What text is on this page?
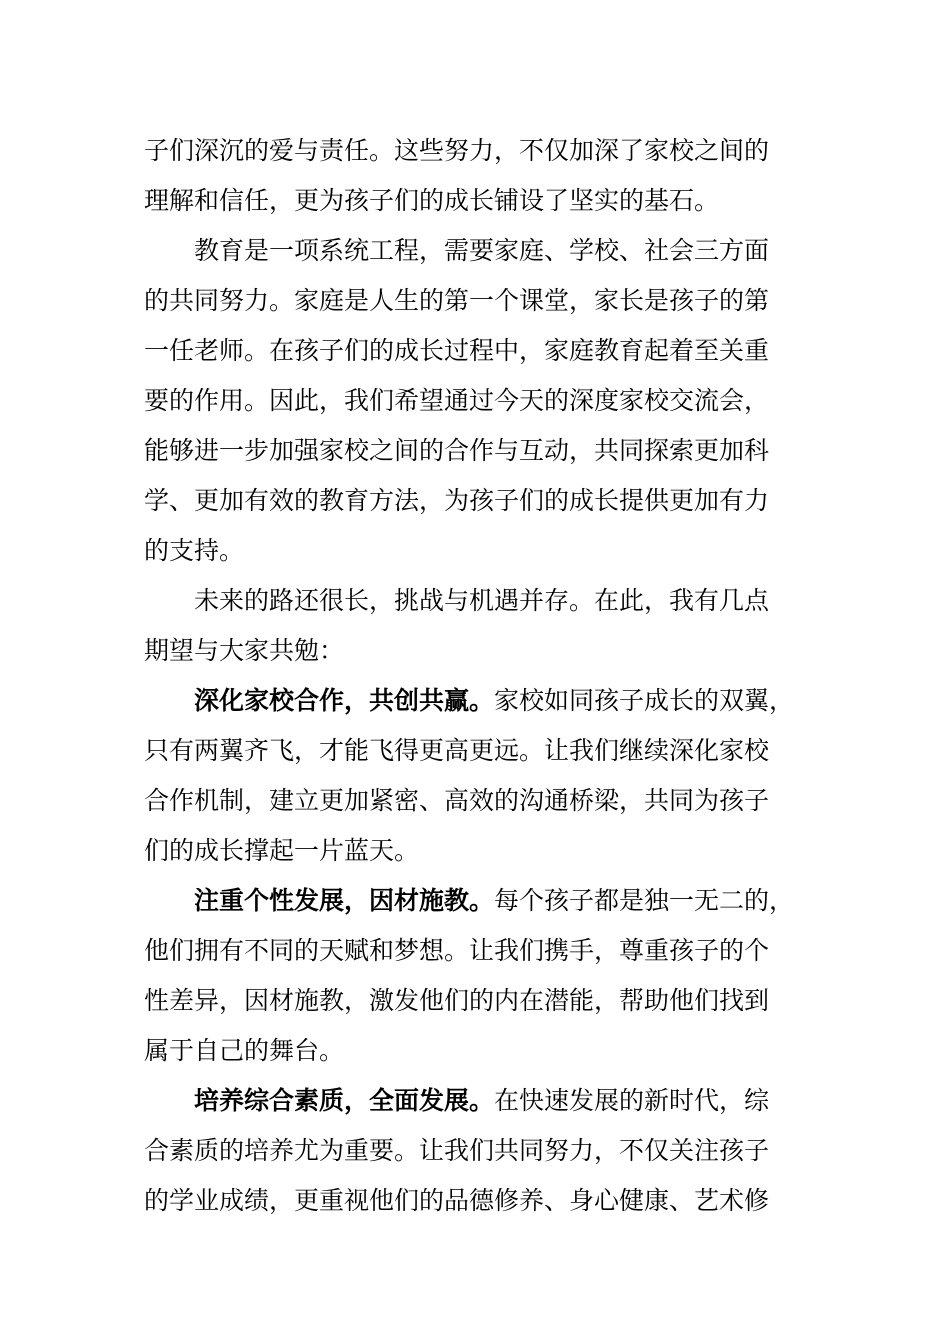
子们深沉的爱与责任。这些努力，不仅加深了家校之间的
理解和信任，更为孩子们的成长铺设了坚实的基石。
教育是一项系统工程，需要家庭、学校、社会三方面
的共同努力。家庭是人生的第一个课堂，家长是孩子的第
一任老师。在孩子们的成长过程中，家庭教育起着至关重
要的作用。因此，我们希望通过今天的深度家校交流会，
能够进一步加强家校之间的合作与互动，共同探索更加科
学、更加有效的教育方法，为孩子们的成长提供更加有力
的支持。
未来的路还很长，挑战与机遇并存。在此，我有几点
期望与大家共勉：
深化家校合作，共创共赢。家校如同孩子成长的双翼，
只有两翼齐飞，才能飞得更高更远。让我们继续深化家校
合作机制，建立更加紧密、高效的沟通桥梁，共同为孩子
们的成长撑起一片蓝天。
注重个性发展，因材施教。每个孩子都是独一无二的，
他们拥有不同的天赋和梦想。让我们携手，尊重孩子的个
性差异，因材施教，激发他们的内在潜能，帮助他们找到
属于自己的舞台。
培养综合素质，全面发展。在快速发展的新时代，综
合素质的培养尤为重要。让我们共同努力，不仅关注孩子
的学业成绩，更重视他们的品德修养、身心健康、艺术修
